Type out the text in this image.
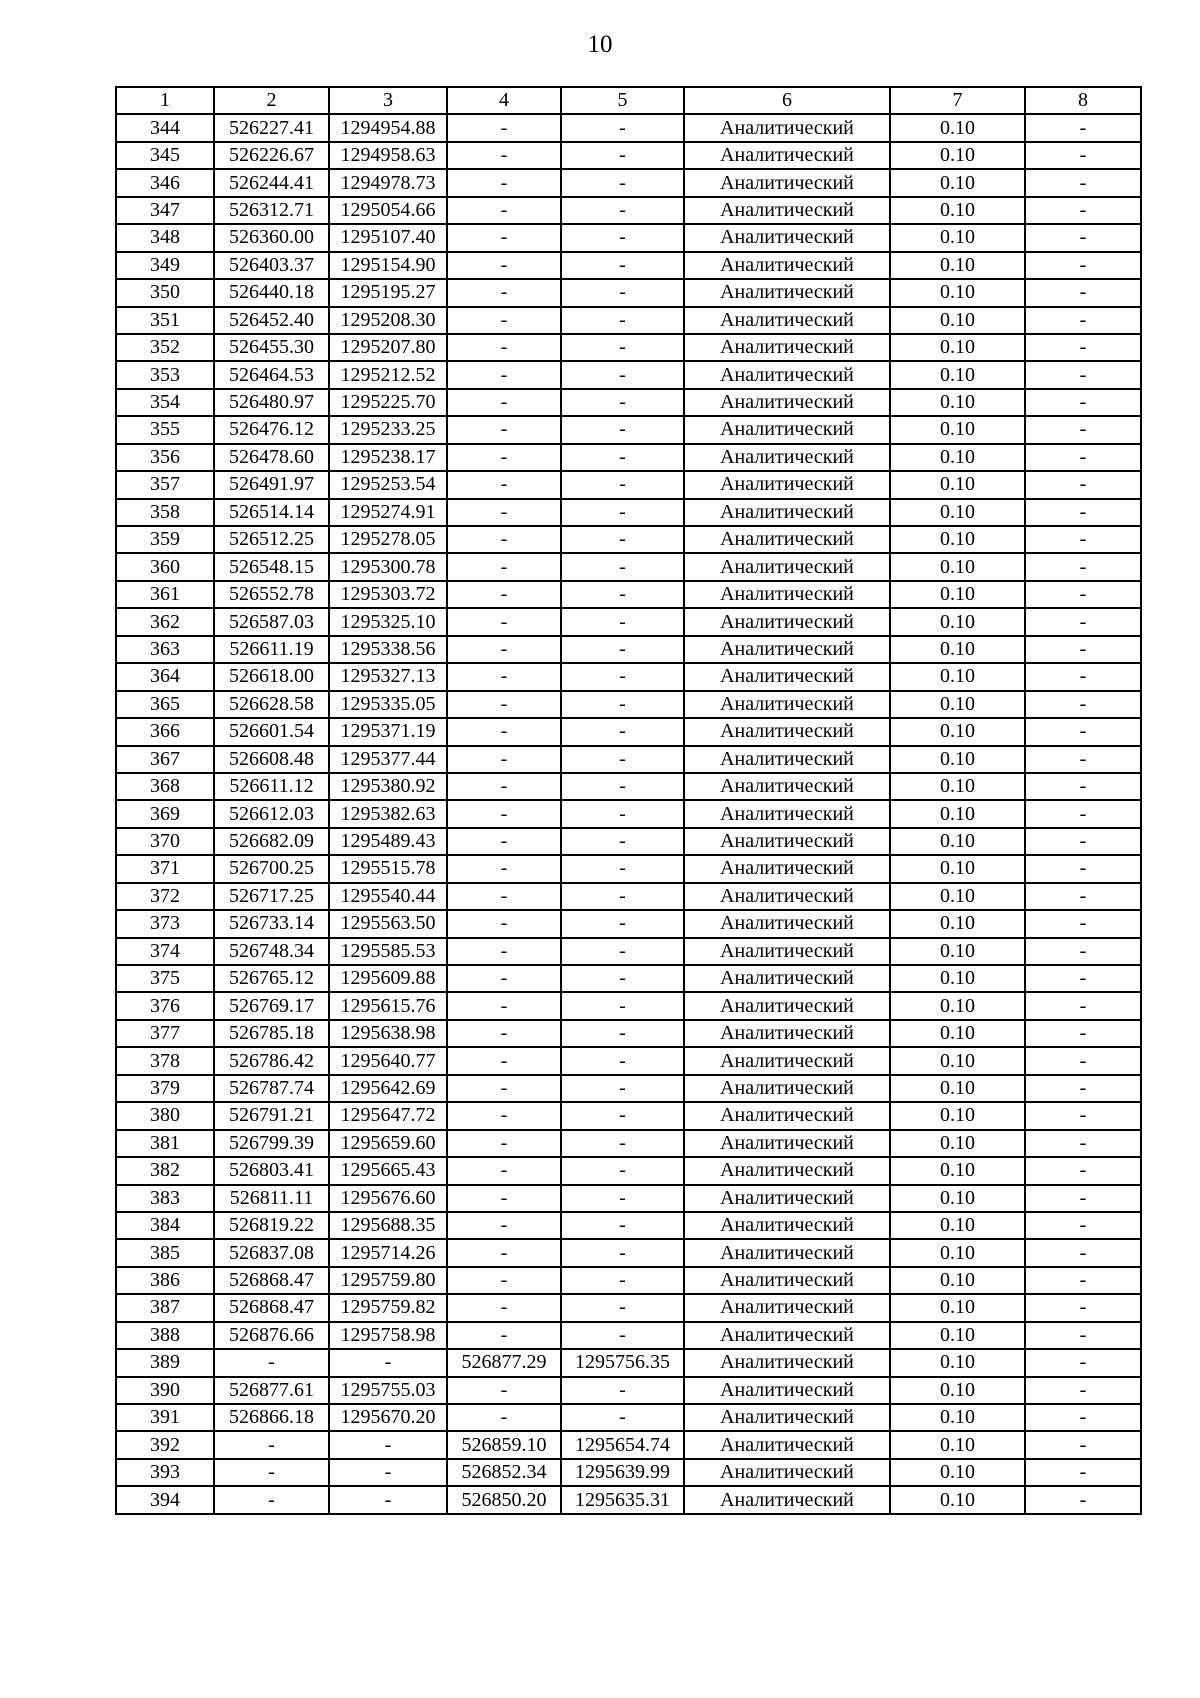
10
1	2	3	4	5	6	7	8
344	526227.41	1294954.88	-	-	Аналитический	0.10	-
345	526226.67	1294958.63	-	-	Аналитический	0.10	-
346	526244.41	1294978.73	-	-	Аналитический	0.10	-
347	526312.71	1295054.66	-	-	Аналитический	0.10	-
348	526360.00	1295107.40	-	-	Аналитический	0.10	-
349	526403.37	1295154.90	-	-	Аналитический	0.10	-
350	526440.18	1295195.27	-	-	Аналитический	0.10	-
351	526452.40	1295208.30	-	-	Аналитический	0.10	-
352	526455.30	1295207.80	-	-	Аналитический	0.10	-
353	526464.53	1295212.52	-	-	Аналитический	0.10	-
354	526480.97	1295225.70	-	-	Аналитический	0.10	-
355	526476.12	1295233.25	-	-	Аналитический	0.10	-
356	526478.60	1295238.17	-	-	Аналитический	0.10	-
357	526491.97	1295253.54	-	-	Аналитический	0.10	-
358	526514.14	1295274.91	-	-	Аналитический	0.10	-
359	526512.25	1295278.05	-	-	Аналитический	0.10	-
360	526548.15	1295300.78	-	-	Аналитический	0.10	-
361	526552.78	1295303.72	-	-	Аналитический	0.10	-
362	526587.03	1295325.10	-	-	Аналитический	0.10	-
363	526611.19	1295338.56	-	-	Аналитический	0.10	-
364	526618.00	1295327.13	-	-	Аналитический	0.10	-
365	526628.58	1295335.05	-	-	Аналитический	0.10	-
366	526601.54	1295371.19	-	-	Аналитический	0.10	-
367	526608.48	1295377.44	-	-	Аналитический	0.10	-
368	526611.12	1295380.92	-	-	Аналитический	0.10	-
369	526612.03	1295382.63	-	-	Аналитический	0.10	-
370	526682.09	1295489.43	-	-	Аналитический	0.10	-
371	526700.25	1295515.78	-	-	Аналитический	0.10	-
372	526717.25	1295540.44	-	-	Аналитический	0.10	-
373	526733.14	1295563.50	-	-	Аналитический	0.10	-
374	526748.34	1295585.53	-	-	Аналитический	0.10	-
375	526765.12	1295609.88	-	-	Аналитический	0.10	-
376	526769.17	1295615.76	-	-	Аналитический	0.10	-
377	526785.18	1295638.98	-	-	Аналитический	0.10	-
378	526786.42	1295640.77	-	-	Аналитический	0.10	-
379	526787.74	1295642.69	-	-	Аналитический	0.10	-
380	526791.21	1295647.72	-	-	Аналитический	0.10	-
381	526799.39	1295659.60	-	-	Аналитический	0.10	-
382	526803.41	1295665.43	-	-	Аналитический	0.10	-
383	526811.11	1295676.60	-	-	Аналитический	0.10	-
384	526819.22	1295688.35	-	-	Аналитический	0.10	-
385	526837.08	1295714.26	-	-	Аналитический	0.10	-
386	526868.47	1295759.80	-	-	Аналитический	0.10	-
387	526868.47	1295759.82	-	-	Аналитический	0.10	-
388	526876.66	1295758.98	-	-	Аналитический	0.10	-
389	-	-	526877.29	1295756.35	Аналитический	0.10	-
390	526877.61	1295755.03	-	-	Аналитический	0.10	-
391	526866.18	1295670.20	-	-	Аналитический	0.10	-
392	-	-	526859.10	1295654.74	Аналитический	0.10	-
393	-	-	526852.34	1295639.99	Аналитический	0.10	-
394	-	-	526850.20	1295635.31	Аналитический	0.10	-
